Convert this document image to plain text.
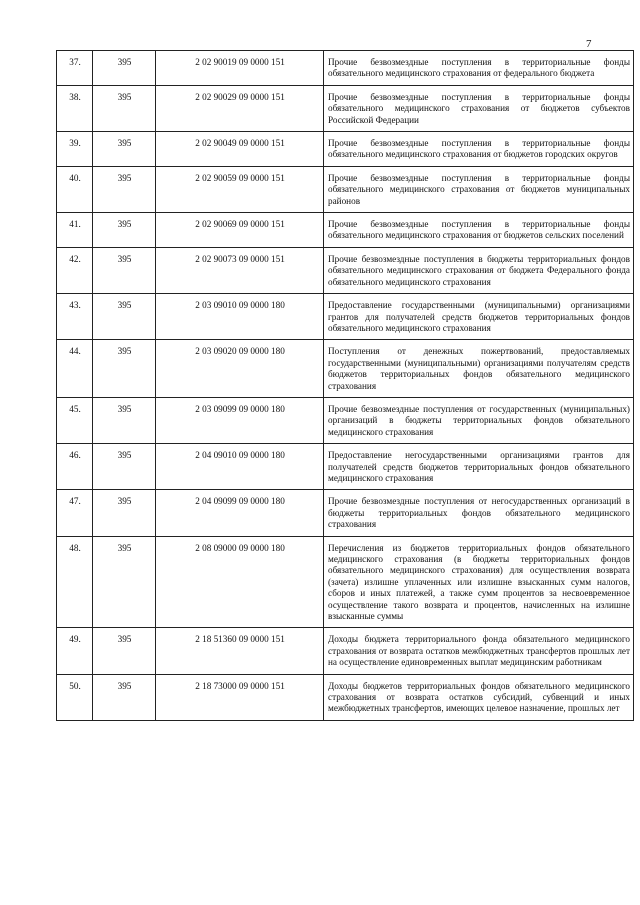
7
37.	395	2 02 90019 09 0000 151	Прочие безвозмездные поступления в территориальные фонды обязательного медицинского страхования от федерального бюджета
38.	395	2 02 90029 09 0000 151	Прочие безвозмездные поступления в территориальные фонды обязательного медицинского страхования от бюджетов субъектов Российской Федерации
39.	395	2 02 90049 09 0000 151	Прочие безвозмездные поступления в территориальные фонды обязательного медицинского страхования от бюджетов городских округов
40.	395	2 02 90059 09 0000 151	Прочие безвозмездные поступления в территориальные фонды обязательного медицинского страхования от бюджетов муниципальных районов
41.	395	2 02 90069 09 0000 151	Прочие безвозмездные поступления в территориальные фонды обязательного медицинского страхования от бюджетов сельских поселений
42.	395	2 02 90073 09 0000 151	Прочие безвозмездные поступления в бюджеты территориальных фондов обязательного медицинского страхования от бюджета Федерального фонда обязательного медицинского страхования
43.	395	2 03 09010 09 0000 180	Предоставление государственными (муниципальными) организациями грантов для получателей средств бюджетов территориальных фондов обязательного медицинского страхования
44.	395	2 03 09020 09 0000 180	Поступления от денежных пожертвований, предоставляемых государственными (муниципальными) организациями получателям средств бюджетов территориальных фондов обязательного медицинского страхования
45.	395	2 03 09099 09 0000 180	Прочие безвозмездные поступления от государственных (муниципальных) организаций в бюджеты территориальных фондов обязательного медицинского страхования
46.	395	2 04 09010 09 0000 180	Предоставление негосударственными организациями грантов для получателей средств бюджетов территориальных фондов обязательного медицинского страхования
47.	395	2 04 09099 09 0000 180	Прочие безвозмездные поступления от негосударственных организаций в бюджеты территориальных фондов обязательного медицинского страхования
48.	395	2 08 09000 09 0000 180	Перечисления из бюджетов территориальных фондов обязательного медицинского страхования (в бюджеты территориальных фондов обязательного медицинского страхования) для осуществления возврата (зачета) излишне уплаченных или излишне взысканных сумм налогов, сборов и иных платежей, а также сумм процентов за несвоевременное осуществление такого возврата и процентов, начисленных на излишне взысканные суммы
49.	395	2 18 51360 09 0000 151	Доходы бюджета территориального фонда обязательного медицинского страхования от возврата остатков межбюджетных трансфертов прошлых лет на осуществление единовременных выплат медицинским работникам
50.	395	2 18 73000 09 0000 151	Доходы бюджетов территориальных фондов обязательного медицинского страхования от возврата остатков субсидий, субвенций и иных межбюджетных трансфертов, имеющих целевое назначение, прошлых лет
